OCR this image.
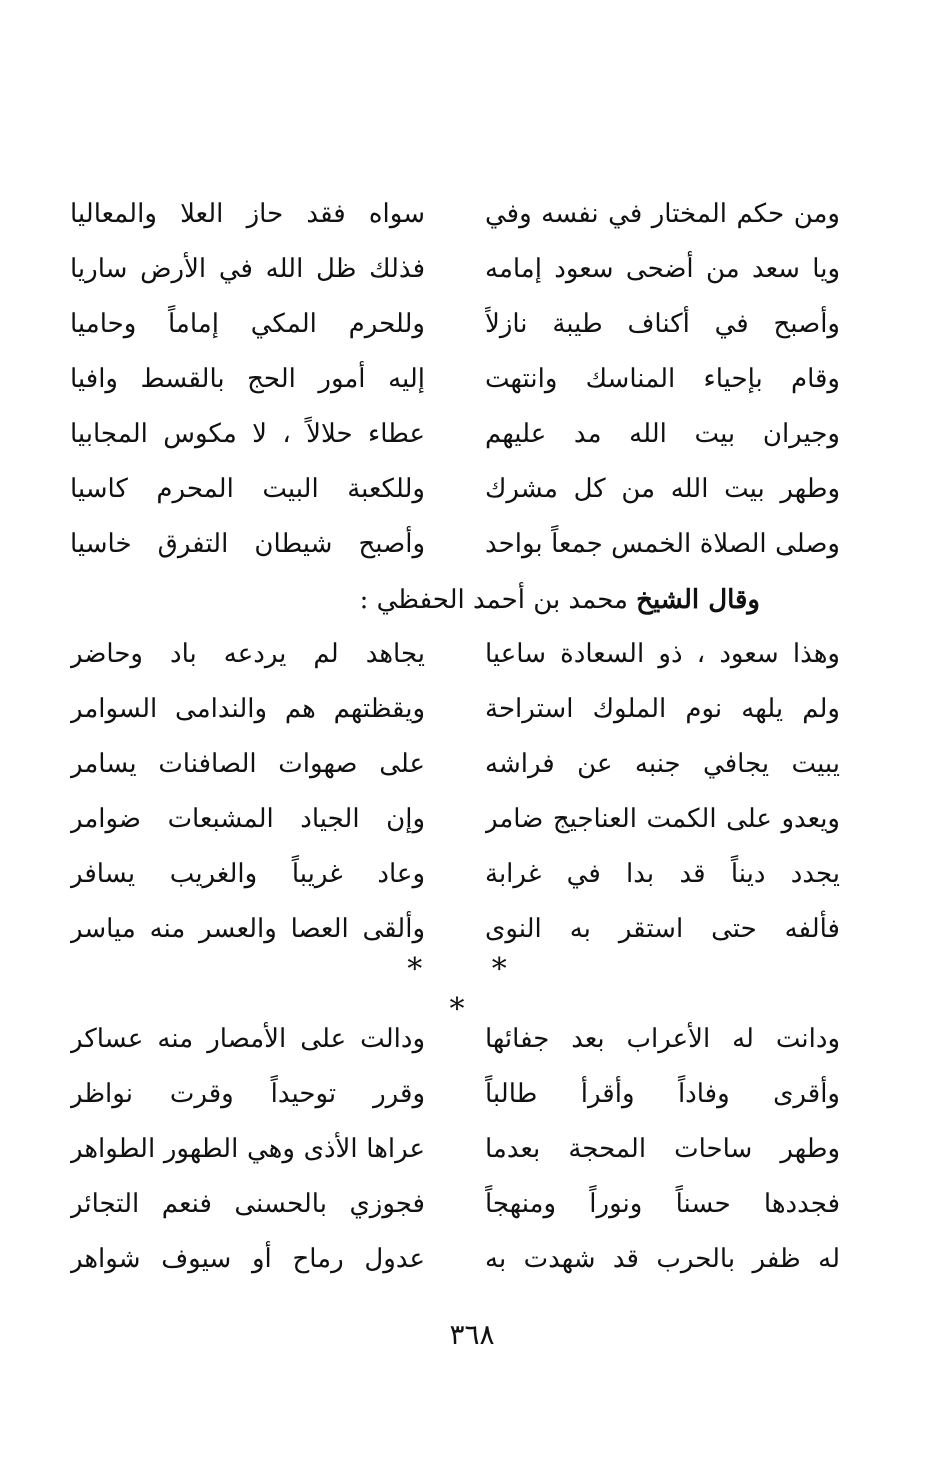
ومن حكم المختار في نفسه وفي
سواه فقد حاز العلا والمعاليا
ويا سعد من أضحى سعود إمامه
فذلك ظل الله في الأرض ساريا
وأصبح في أكناف طيبة نازلاً
وللحرم المكي إماماً وحاميا
وقام بإحياء المناسك وانتهت
إليه أمور الحج بالقسط وافيا
وجيران بيت الله مد عليهم
عطاء حلالاً ، لا مكوس المجابيا
وطهر بيت الله من كل مشرك
وللكعبة البيت المحرم كاسيا
وصلى الصلاة الخمس جمعاً بواحد
وأصبح شيطان التفرق خاسيا
وقال الشيخ محمد بن أحمد الحفظي :
وهذا سعود ، ذو السعادة ساعيا
يجاهد لم يردعه باد وحاضر
ولم يلهه نوم الملوك استراحة
ويقظتهم هم والندامى السوامر
يبيت يجافي جنبه عن فراشه
على صهوات الصافنات يسامر
ويعدو على الكمت العناجيج ضامر
وإن الجياد المشبعات ضوامر
يجدد ديناً قد بدا في غرابة
وعاد غريباً والغريب يسافر
فألفه حتى استقر به النوى
وألقى العصا والعسر منه مياسر
* * *
ودانت له الأعراب بعد جفائها
ودالت على الأمصار منه عساكر
وأقرى وفاداً وأقرأ طالباً
وقرر توحيداً وقرت نواظر
وطهر ساحات المحجة بعدما
عراها الأذى وهي الطهور الطواهر
فجددها حسناً ونوراً ومنهجاً
فجوزي بالحسنى فنعم التجائر
له ظفر بالحرب قد شهدت به
عدول رماح أو سيوف شواهر
٣٦٨
